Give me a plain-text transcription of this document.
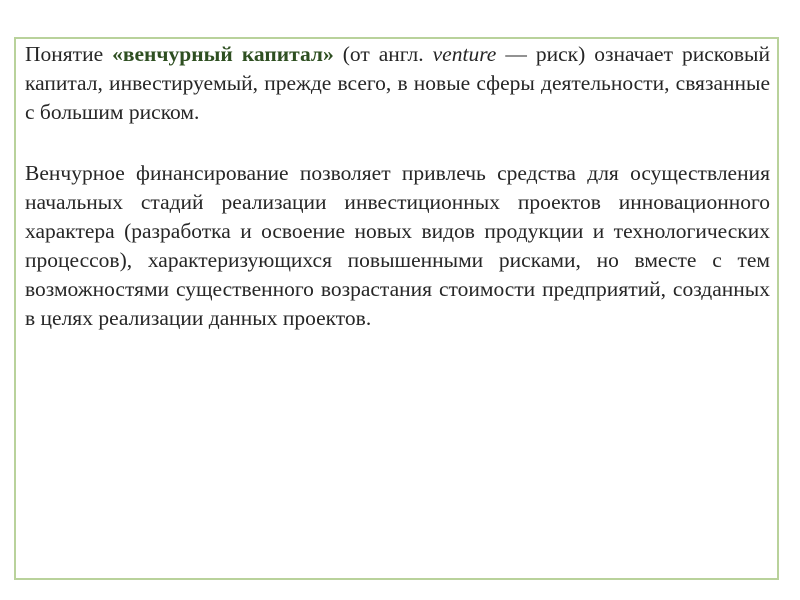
Понятие «венчурный капитал» (от англ. venture — риск) означает рисковый капитал, инвестируемый, прежде всего, в новые сферы деятельности, связанные с большим риском.

Венчурное финансирование позволяет привлечь средства для осуществления начальных стадий реализации инвестиционных проектов инновационного характера (разработка и освоение новых видов продукции и технологических процессов), характеризующихся повышенными рисками, но вместе с тем возможностями существенного возрастания стоимости предприятий, созданных в целях реализации данных проектов.
